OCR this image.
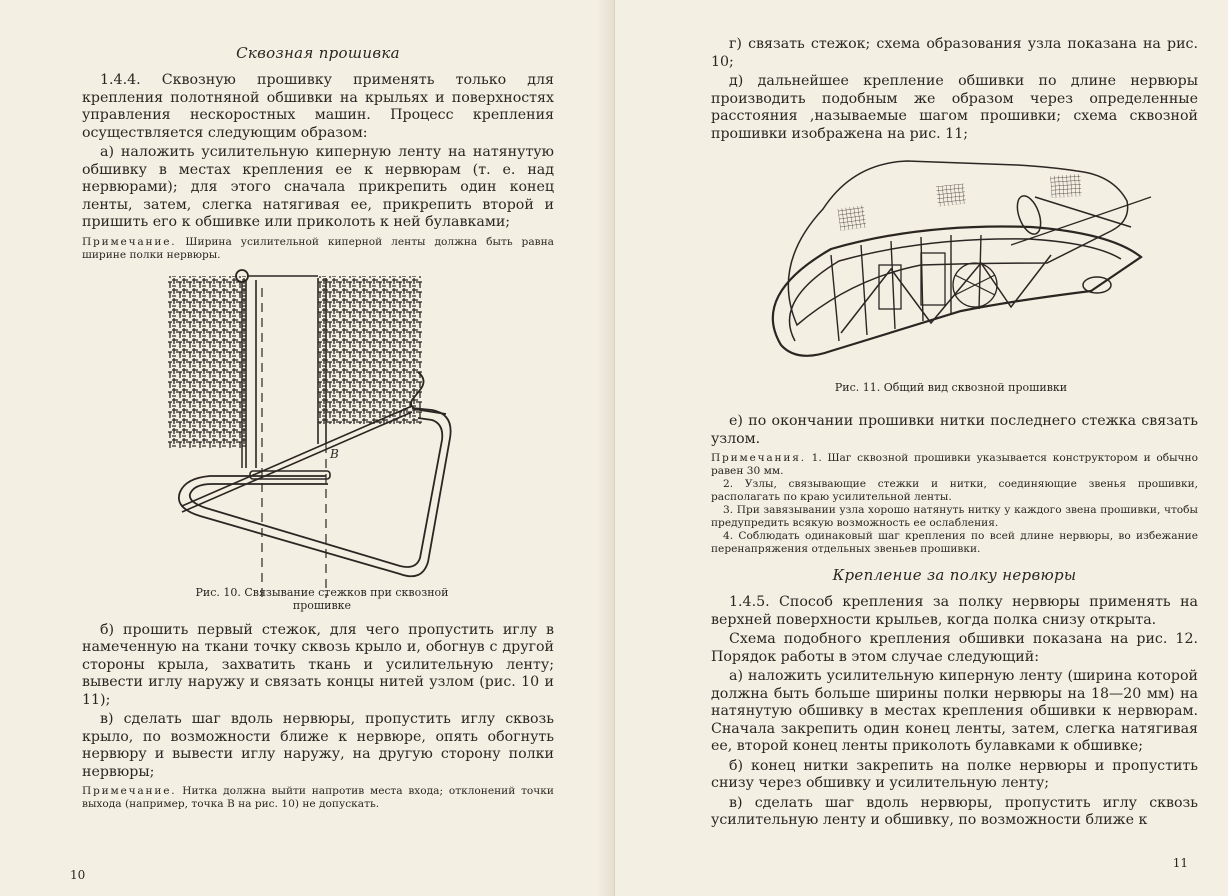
Сквозная прошивка

1.4.4. Сквозную прошивку применять только для крепления полотняной обшивки на крыльях и поверхностях управления нескоростных машин. Процесс крепления осуществляется следующим образом:

а) наложить усилительную киперную ленту на натянутую обшивку в местах крепления ее к нервюрам (т. е. над нервюрами); для этого сначала прикрепить один конец ленты, затем, слегка натягивая ее, прикрепить второй и пришить его к обшивке или приколоть к ней булавками;

Примечание. Ширина усилительной киперной ленты должна быть равна ширине полки нервюры.

B
Рис. 10. Связывание стежков при сквозной прошивке

б) прошить первый стежок, для чего пропустить иглу в намеченную на ткани точку сквозь крыло и, обогнув с другой стороны крыла, захватить ткань и усилительную ленту; вывести иглу наружу и связать концы нитей узлом (рис. 10 и 11);

в) сделать шаг вдоль нервюры, пропустить иглу сквозь крыло, по возможности ближе к нервюре, опять обогнуть нервюру и вывести иглу наружу, на другую сторону полки нервюры;

Примечание. Нитка должна выйти напротив места входа; отклонений точки выхода (например, точка B на рис. 10) не допускать.

10

г) связать стежок; схема образования узла показана на рис. 10;

д) дальнейшее крепление обшивки по длине нервюры производить подобным же образом через определенные расстояния ,называемые шагом прошивки; схема сквозной прошивки изображена на рис. 11;

Рис. 11. Общий вид сквозной прошивки

е) по окончании прошивки нитки последнего стежка связать узлом.

Примечания. 1. Шаг сквозной прошивки указывается конструктором и обычно равен 30 мм.

2. Узлы, связывающие стежки и нитки, соединяющие звенья прошивки, располагать по краю усилительной ленты.

3. При завязывании узла хорошо натянуть нитку у каждого звена прошивки, чтобы предупредить всякую возможность ее ослабления.

4. Соблюдать одинаковый шаг крепления по всей длине нервюры, во избежание перенапряжения отдельных звеньев прошивки.

Крепление за полку нервюры

1.4.5. Способ крепления за полку нервюры применять на верхней поверхности крыльев, когда полка снизу открыта.

Схема подобного крепления обшивки показана на рис. 12. Порядок работы в этом случае следующий:

а) наложить усилительную киперную ленту (ширина которой должна быть больше ширины полки нервюры на 18—20 мм) на натянутую обшивку в местах крепления обшивки к нервюрам. Сначала закрепить один конец ленты, затем, слегка натягивая ее, второй конец ленты приколоть булавками к обшивке;

б) конец нитки закрепить на полке нервюры и пропустить снизу через обшивку и усилительную ленту;

в) сделать шаг вдоль нервюры, пропустить иглу сквозь усилительную ленту и обшивку, по возможности ближе к

11
